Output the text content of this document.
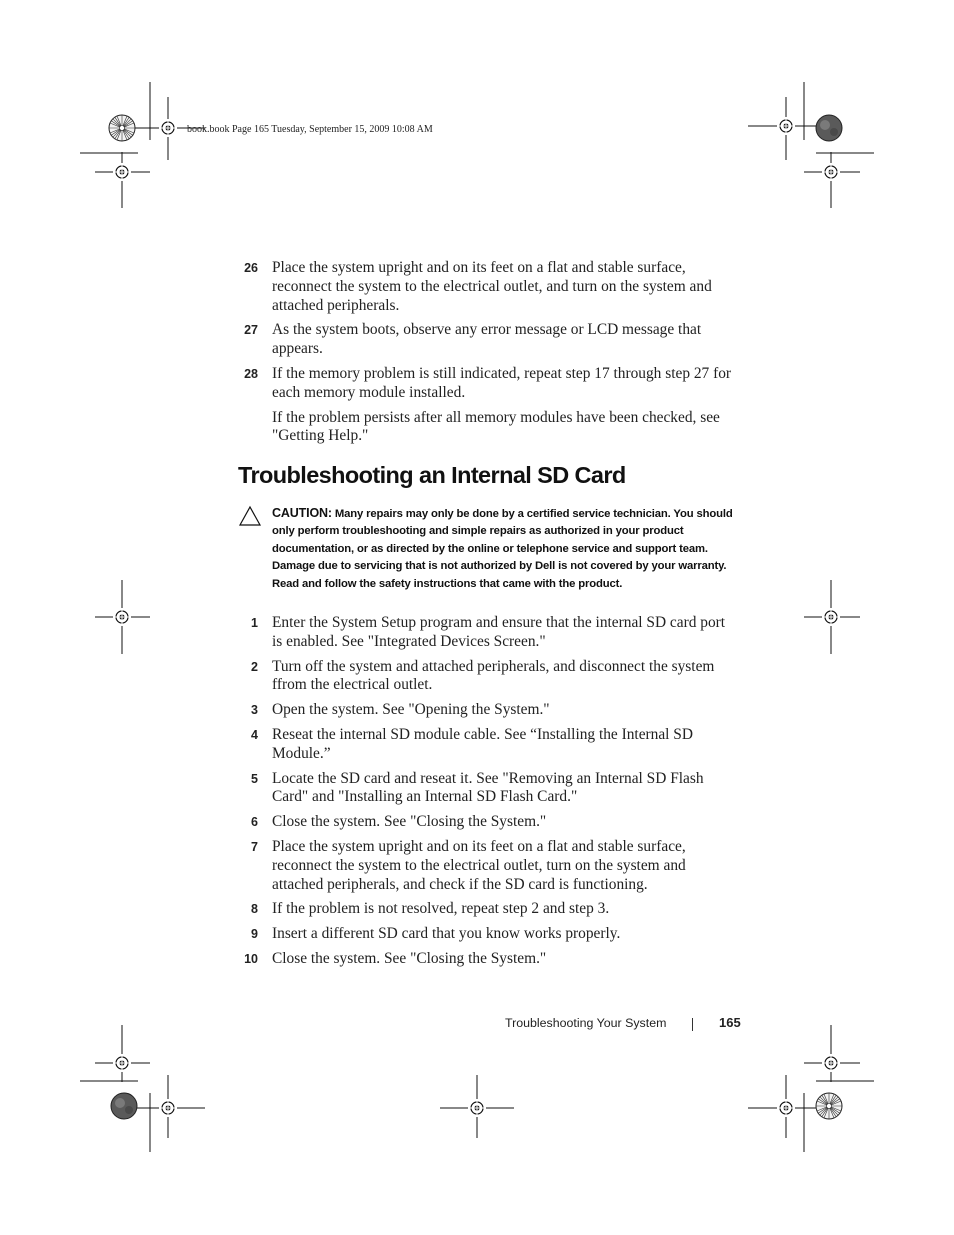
book.book Page 165 Tuesday, September 15, 2009 10:08 AM
26 Place the system upright and on its feet on a flat and stable surface, reconnect the system to the electrical outlet, and turn on the system and attached peripherals.
27 As the system boots, observe any error message or LCD message that appears.
28 If the memory problem is still indicated, repeat step 17 through step 27 for each memory module installed.
If the problem persists after all memory modules have been checked, see "Getting Help."
Troubleshooting an Internal SD Card
CAUTION: Many repairs may only be done by a certified service technician. You should only perform troubleshooting and simple repairs as authorized in your product documentation, or as directed by the online or telephone service and support team. Damage due to servicing that is not authorized by Dell is not covered by your warranty. Read and follow the safety instructions that came with the product.
1 Enter the System Setup program and ensure that the internal SD card port is enabled. See "Integrated Devices Screen."
2 Turn off the system and attached peripherals, and disconnect the system ffrom the electrical outlet.
3 Open the system. See "Opening the System."
4 Reseat the internal SD module cable. See “Installing the Internal SD Module.”
5 Locate the SD card and reseat it. See "Removing an Internal SD Flash Card" and "Installing an Internal SD Flash Card."
6 Close the system. See "Closing the System."
7 Place the system upright and on its feet on a flat and stable surface, reconnect the system to the electrical outlet, turn on the system and attached peripherals, and check if the SD card is functioning.
8 If the problem is not resolved, repeat step 2 and step 3.
9 Insert a different SD card that you know works properly.
10 Close the system. See "Closing the System."
Troubleshooting Your System	165
